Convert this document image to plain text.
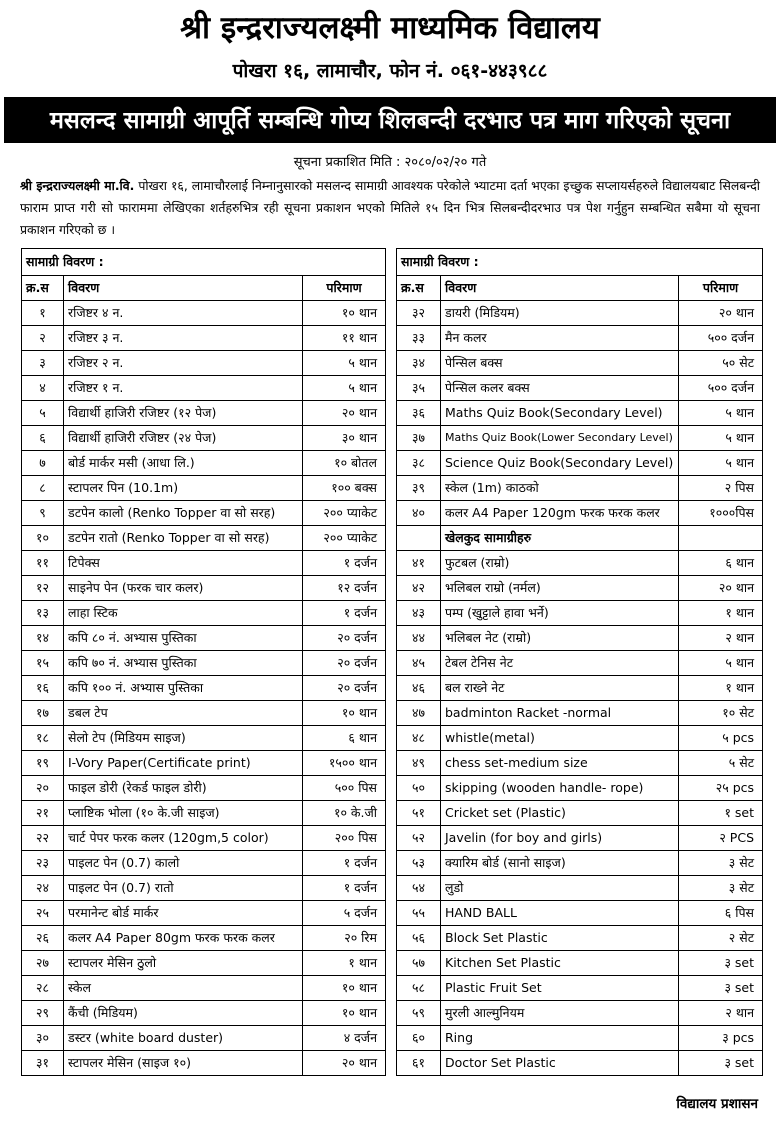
श्री इन्द्रराज्यलक्ष्मी माध्यमिक विद्यालय
पोखरा १६, लामाचौर, फोन नं. ०६१-४४३९८८
मसलन्द सामाग्री आपूर्ति सम्बन्धि गोप्य शिलबन्दी दरभाउ पत्र माग गरिएको सूचना
सूचना प्रकाशित मिति : २०८०/०२/२० गते

श्री इन्द्रराज्यलक्ष्मी मा.वि. पोखरा १६, लामाचौरलाई निम्नानुसारको मसलन्द सामाग्री आवश्यक परेकोले भ्याटमा दर्ता भएका इच्छुक सप्लायर्सहरुले विद्यालयबाट सिलबन्दी फाराम प्राप्त गरी सो फाराममा लेखिएका शर्तहरुभित्र रही सूचना प्रकाशन भएको मितिले १५ दिन भित्र सिलबन्दीदरभाउ पत्र पेश गर्नुहुन सम्बन्धित सबैमा यो सूचना प्रकाशन गरिएको छ ।

सामाग्री विवरण :		
क्र.स	विवरण	परिमाण
१	रजिष्टर ४ न.	१० थान
२	रजिष्टर ३ न.	११ थान
३	रजिष्टर २ न.	५ थान
४	रजिष्टर १ न.	५ थान
५	विद्यार्थी हाजिरी रजिष्टर (१२ पेज)	२० थान
६	विद्यार्थी हाजिरी रजिष्टर (२४ पेज)	३० थान
७	बोर्ड मार्कर मसी (आधा लि.)	१० बोतल
८	स्टापलर पिन (10.1m)	१०० बक्स
९	डटपेन कालो (Renko Topper वा सो सरह)	२०० प्याकेट
१०	डटपेन रातो (Renko Topper वा सो सरह)	२०० प्याकेट
११	टिपेक्स	१ दर्जन
१२	साइनेप पेन (फरक चार कलर)	१२ दर्जन
१३	लाहा स्टिक	१ दर्जन
१४	कपि ८० नं. अभ्यास पुस्तिका	२० दर्जन
१५	कपि ७० नं. अभ्यास पुस्तिका	२० दर्जन
१६	कपि १०० नं. अभ्यास पुस्तिका	२० दर्जन
१७	डबल टेप	१० थान
१८	सेलो टेप (मिडियम साइज)	६ थान
१९	I-Vory Paper(Certificate print)	१५०० थान
२०	फाइल डोरी (रेकर्ड फाइल डोरी)	५०० पिस
२१	प्लाष्टिक भोला (१० के.जी साइज)	१० के.जी
२२	चार्ट पेपर फरक कलर (120gm,5 color)	२०० पिस
२३	पाइलट पेन (0.7) कालो	१ दर्जन
२४	पाइलट पेन (0.7) रातो	१ दर्जन
२५	परमानेन्ट बोर्ड मार्कर	५ दर्जन
२६	कलर A4 Paper 80gm फरक फरक कलर	२० रिम
२७	स्टापलर मेसिन ठुलो	१ थान
२८	स्केल	१० थान
२९	कैंची (मिडियम)	१० थान
३०	डस्टर (white board duster)	४ दर्जन
३१	स्टापलर मेसिन (साइज १०)	२० थान
सामाग्री विवरण :		
क्र.स	विवरण	परिमाण
३२	डायरी (मिडियम)	२० थान
३३	मैन कलर	५०० दर्जन
३४	पेन्सिल बक्स	५० सेट
३५	पेन्सिल कलर बक्स	५०० दर्जन
३६	Maths Quiz Book(Secondary Level)	५ थान
३७	Maths Quiz Book(Lower Secondary Level)	५ थान
३८	Science Quiz Book(Secondary Level)	५ थान
३९	स्केल (1m) काठको	२ पिस
४०	कलर A4 Paper 120gm फरक फरक कलर	१०००पिस
	खेलकुद सामाग्रीहरु	
४१	फुटबल (राम्रो)	६ थान
४२	भलिबल राम्रो (नर्मल)	२० थान
४३	पम्प (खुट्टाले हावा भर्ने)	१ थान
४४	भलिबल नेट (राम्रो)	२ थान
४५	टेबल टेनिस नेट	५ थान
४६	बल राख्ने नेट	१ थान
४७	badminton Racket -normal	१० सेट
४८	whistle(metal)	५ pcs
४९	chess set-medium size	५ सेट
५०	skipping (wooden handle- rope)	२५ pcs
५१	Cricket set (Plastic)	१ set
५२	Javelin (for boy and girls)	२ PCS
५३	क्यारिम बोर्ड (सानो साइज)	३ सेट
५४	लुडो	३ सेट
५५	HAND BALL	६ पिस
५६	Block Set Plastic	२ सेट
५७	Kitchen Set Plastic	३ set
५८	Plastic Fruit Set	३ set
५९	मुरली आल्मुनियम	२ थान
६०	Ring	३ pcs
६१	Doctor Set Plastic	३ set
विद्यालय प्रशासन
